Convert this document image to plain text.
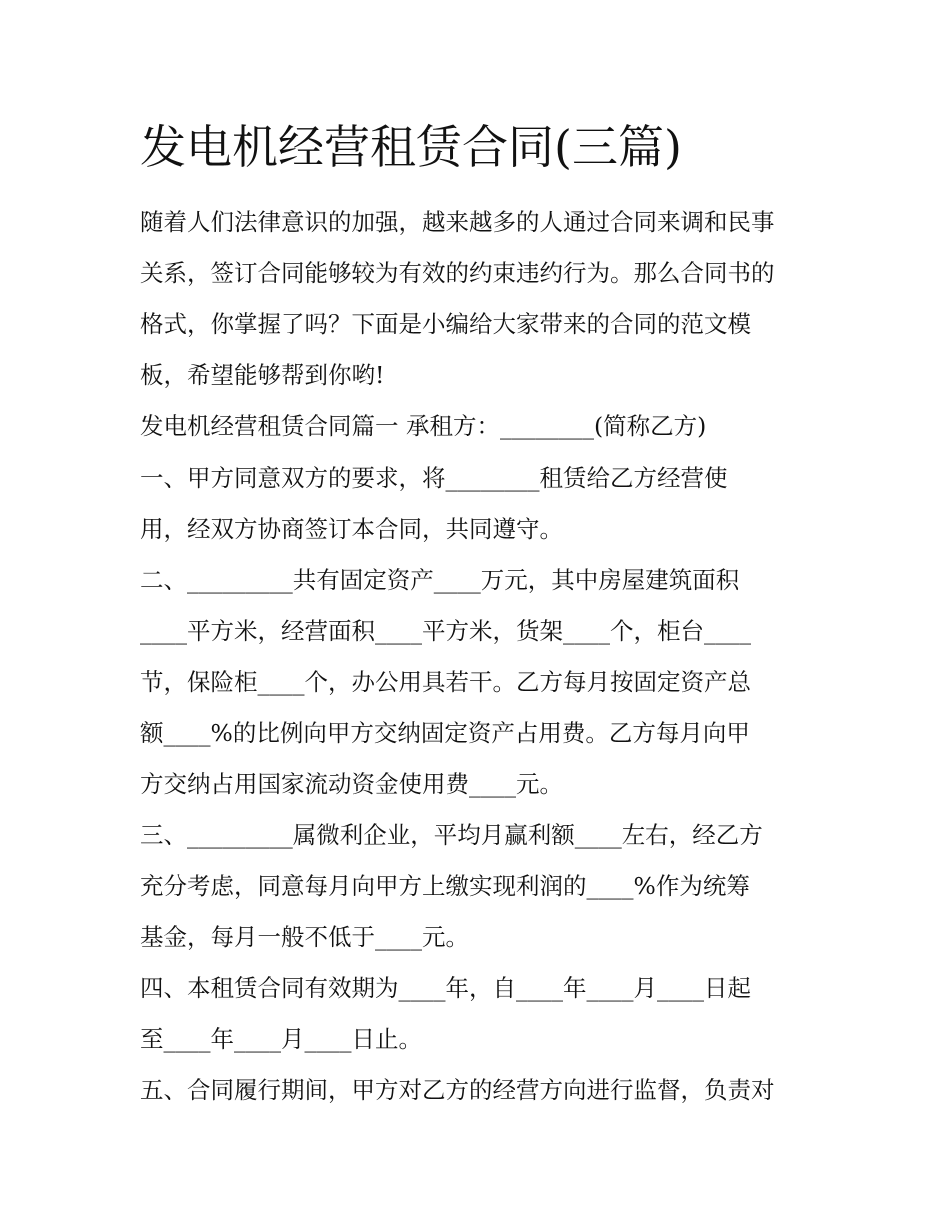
发电机经营租赁合同(三篇)
随着人们法律意识的加强，越来越多的人通过合同来调和民事
关系，签订合同能够较为有效的约束违约行为。那么合同书的
格式，你掌握了吗？下面是小编给大家带来的合同的范文模
板，希望能够帮到你哟!
发电机经营租赁合同篇一 承租方：________(简称乙方)
一、甲方同意双方的要求，将________租赁给乙方经营使
用，经双方协商签订本合同，共同遵守。
二、_________共有固定资产____万元，其中房屋建筑面积
____平方米，经营面积____平方米，货架____个，柜台____
节，保险柜____个，办公用具若干。乙方每月按固定资产总
额____%的比例向甲方交纳固定资产占用费。乙方每月向甲
方交纳占用国家流动资金使用费____元。
三、_________属微利企业，平均月赢利额____左右，经乙方
充分考虑，同意每月向甲方上缴实现利润的____%作为统筹
基金，每月一般不低于____元。
四、本租赁合同有效期为____年，自____年____月____日起
至____年____月____日止。
五、合同履行期间，甲方对乙方的经营方向进行监督，负责对
